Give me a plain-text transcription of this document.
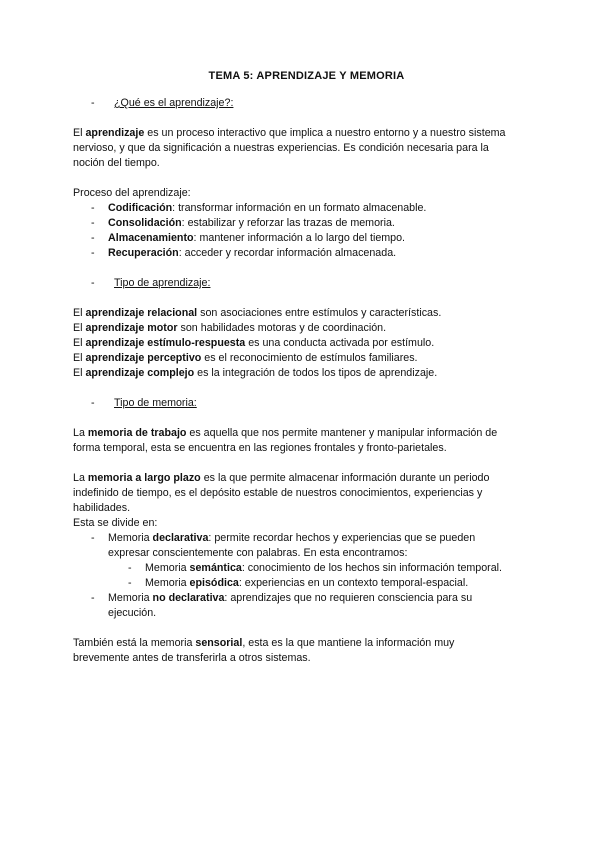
TEMA 5: APRENDIZAJE Y MEMORIA
-	¿Qué es el aprendizaje?:

El aprendizaje es un proceso interactivo que implica a nuestro entorno y a nuestro sistema
nervioso, y que da significación a nuestras experiencias. Es condición necesaria para la
noción del tiempo.

Proceso del aprendizaje:

-	Codificación: transformar información en un formato almacenable.
-	Consolidación: estabilizar y reforzar las trazas de memoria.
-	Almacenamiento: mantener información a lo largo del tiempo.
-	Recuperación: acceder y recordar información almacenada.
-	Tipo de aprendizaje:

El aprendizaje relacional son asociaciones entre estímulos y características.

El aprendizaje motor son habilidades motoras y de coordinación.

El aprendizaje estímulo-respuesta es una conducta activada por estímulo.

El aprendizaje perceptivo es el reconocimiento de estímulos familiares.

El aprendizaje complejo es la integración de todos los tipos de aprendizaje.

-	Tipo de memoria:

La memoria de trabajo es aquella que nos permite mantener y manipular información de
forma temporal, esta se encuentra en las regiones frontales y fronto-parietales.

La memoria a largo plazo es la que permite almacenar información durante un periodo
indefinido de tiempo, es el depósito estable de nuestros conocimientos, experiencias y
habilidades.

Esta se divide en:

-	Memoria declarativa: permite recordar hechos y experiencias que se pueden
expresar conscientemente con palabras. En esta encontramos:
-	Memoria semántica: conocimiento de los hechos sin información temporal.
-	Memoria episódica: experiencias en un contexto temporal-espacial.
-	Memoria no declarativa: aprendizajes que no requieren consciencia para su
ejecución.

También está la memoria sensorial, esta es la que mantiene la información muy
brevemente antes de transferirla a otros sistemas.
